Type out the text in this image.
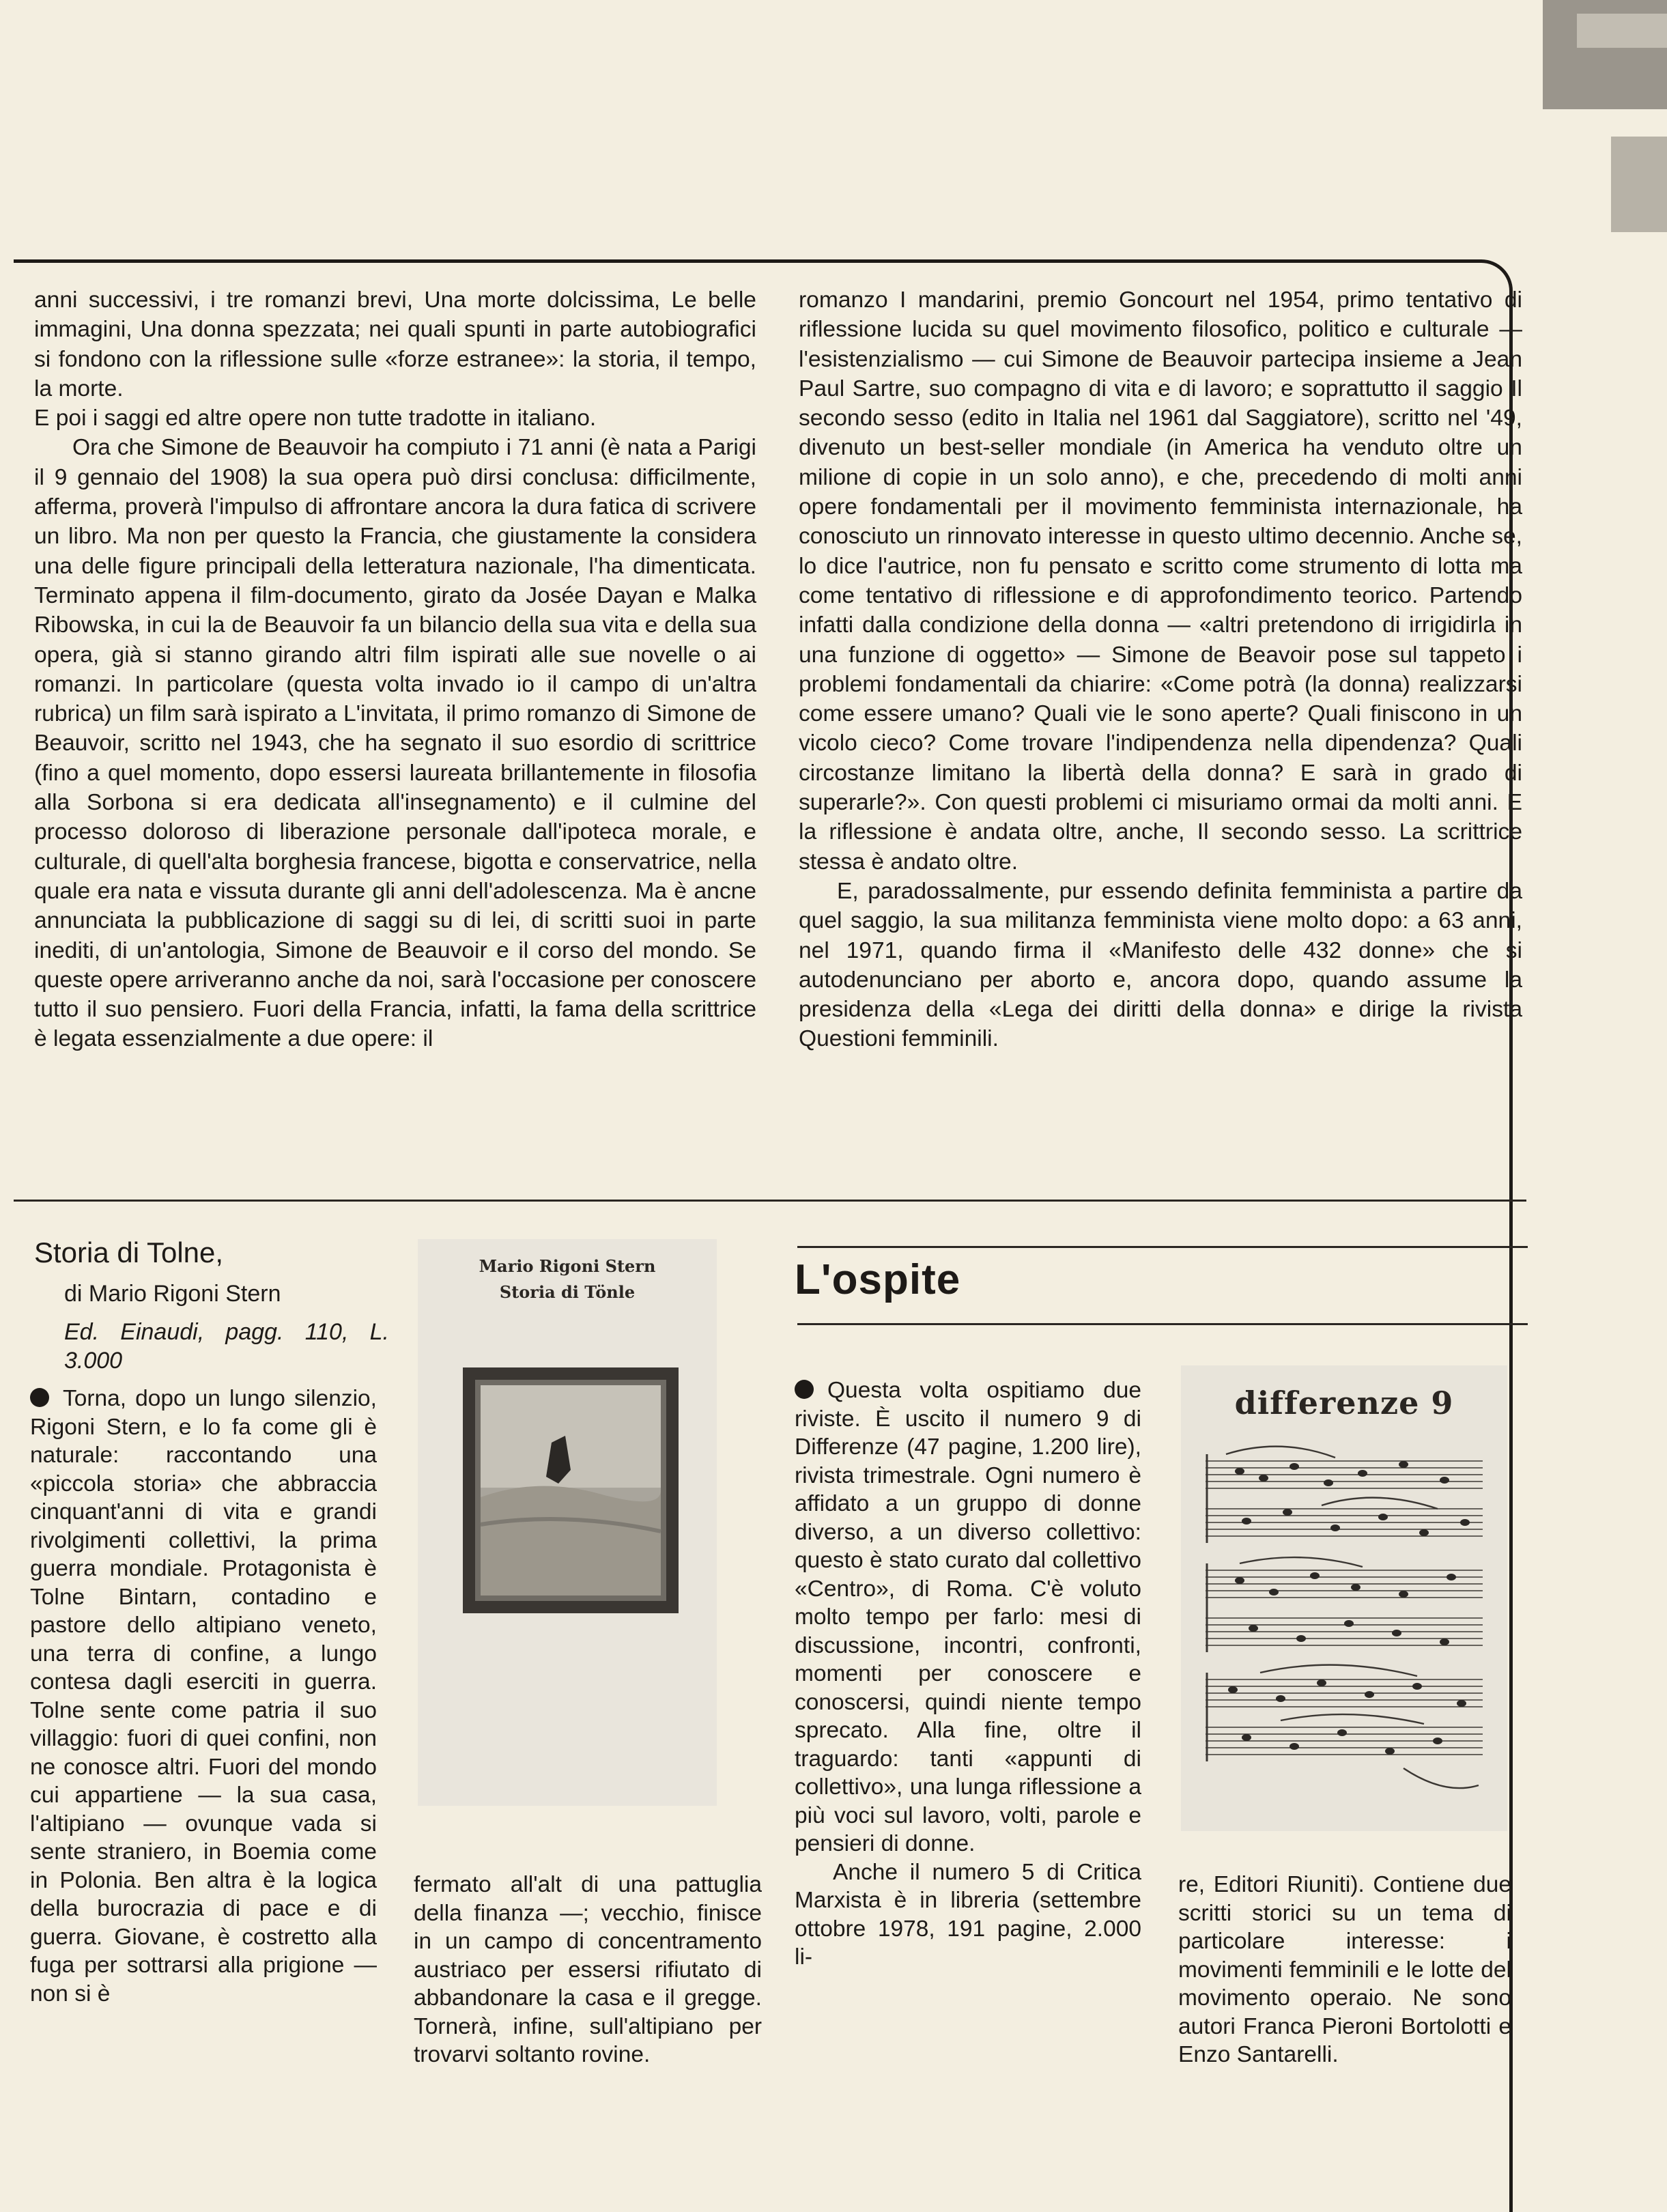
anni successivi, i tre romanzi brevi, Una morte dolcissima, Le belle immagini, Una donna spezzata; nei quali spunti in parte autobiografici si fondono con la riflessione sulle «forze estranee»: la storia, il tempo, la morte.

E poi i saggi ed altre opere non tutte tradotte in italiano.

Ora che Simone de Beauvoir ha compiuto i 71 anni (è nata a Parigi il 9 gennaio del 1908) la sua opera può dirsi conclusa: difficilmente, afferma, proverà l'impulso di affrontare ancora la dura fatica di scrivere un libro. Ma non per questo la Francia, che giustamente la considera una delle figure principali della letteratura nazionale, l'ha dimenticata. Terminato appena il film-documento, girato da Josée Dayan e Malka Ribowska, in cui la de Beauvoir fa un bilancio della sua vita e della sua opera, già si stanno girando altri film ispirati alle sue novelle o ai romanzi. In particolare (questa volta invado io il campo di un'altra rubrica) un film sarà ispirato a L'invitata, il primo romanzo di Simone de Beauvoir, scritto nel 1943, che ha segnato il suo esordio di scrittrice (fino a quel momento, dopo essersi laureata brillantemente in filosofia alla Sorbona si era dedicata all'insegnamento) e il culmine del processo doloroso di liberazione personale dall'ipoteca morale, e culturale, di quell'alta borghesia francese, bigotta e conservatrice, nella quale era nata e vissuta durante gli anni dell'adolescenza. Ma è ancne annunciata la pubblicazione di saggi su di lei, di scritti suoi in parte inediti, di un'antologia, Simone de Beauvoir e il corso del mondo. Se queste opere arriveranno anche da noi, sarà l'occasione per conoscere tutto il suo pensiero. Fuori della Francia, infatti, la fama della scrittrice è legata essenzialmente a due opere: il

romanzo I mandarini, premio Goncourt nel 1954, primo tentativo di riflessione lucida su quel movimento filosofico, politico e culturale — l'esistenzialismo — cui Simone de Beauvoir partecipa insieme a Jean Paul Sartre, suo compagno di vita e di lavoro; e soprattutto il saggio Il secondo sesso (edito in Italia nel 1961 dal Saggiatore), scritto nel '49, divenuto un best-seller mondiale (in America ha venduto oltre un milione di copie in un solo anno), e che, precedendo di molti anni opere fondamentali per il movimento femminista internazionale, ha conosciuto un rinnovato interesse in questo ultimo decennio. Anche se, lo dice l'autrice, non fu pensato e scritto come strumento di lotta ma come tentativo di riflessione e di approfondimento teorico. Partendo infatti dalla condizione della donna — «altri pretendono di irrigidirla in una funzione di oggetto» — Simone de Beavoir pose sul tappeto i problemi fondamentali da chiarire: «Come potrà (la donna) realizzarsi come essere umano? Quali vie le sono aperte? Quali finiscono in un vicolo cieco? Come trovare l'indipendenza nella dipendenza? Quali circostanze limitano la libertà della donna? E sarà in grado di superarle?». Con questi problemi ci misuriamo ormai da molti anni. E la riflessione è andata oltre, anche, Il secondo sesso. La scrittrice stessa è andato oltre.

E, paradossalmente, pur essendo definita femminista a partire da quel saggio, la sua militanza femminista viene molto dopo: a 63 anni, nel 1971, quando firma il «Manifesto delle 432 donne» che si autodenunciano per aborto e, ancora dopo, quando assume la presidenza della «Lega dei diritti della donna» e dirige la rivista Questioni femminili.

Storia di Tolne,
di Mario Rigoni Stern
Ed. Einaudi, pagg. 110, L. 3.000

Torna, dopo un lungo silenzio, Rigoni Stern, e lo fa come gli è naturale: raccontando una «piccola storia» che abbraccia cinquant'anni di vita e grandi rivolgimenti collettivi, la prima guerra mondiale. Protagonista è Tolne Bintarn, contadino e pastore dello altipiano veneto, una terra di confine, a lungo contesa dagli eserciti in guerra. Tolne sente come patria il suo villaggio: fuori di quei confini, non ne conosce altri. Fuori del mondo cui appartiene — la sua casa, l'altipiano — ovunque vada si sente straniero, in Boemia come in Polonia. Ben altra è la logica della burocrazia di pace e di guerra. Giovane, è costretto alla fuga per sottrarsi alla prigione — non si è

Mario Rigoni Stern
Storia di Tönle

fermato all'alt di una pattuglia della finanza —; vecchio, finisce in un campo di concentramento austriaco per essersi rifiutato di abbandonare la casa e il gregge. Tornerà, infine, sull'altipiano per trovarvi soltanto rovine.

L'ospite

Questa volta ospitiamo due riviste. È uscito il numero 9 di Differenze (47 pagine, 1.200 lire), rivista trimestrale. Ogni numero è affidato a un gruppo di donne diverso, a un diverso collettivo: questo è stato curato dal collettivo «Centro», di Roma. C'è voluto molto tempo per farlo: mesi di discussione, incontri, confronti, momenti per conoscere e conoscersi, quindi niente tempo sprecato. Alla fine, oltre il traguardo: tanti «appunti di collettivo», una lunga riflessione a più voci sul lavoro, volti, parole e pensieri di donne.

Anche il numero 5 di Critica Marxista è in libreria (settembre ottobre 1978, 191 pagine, 2.000 li-

differenze 9

re, Editori Riuniti). Contiene due scritti storici su un tema di particolare interesse: i movimenti femminili e le lotte del movimento operaio. Ne sono autori Franca Pieroni Bortolotti e Enzo Santarelli.
